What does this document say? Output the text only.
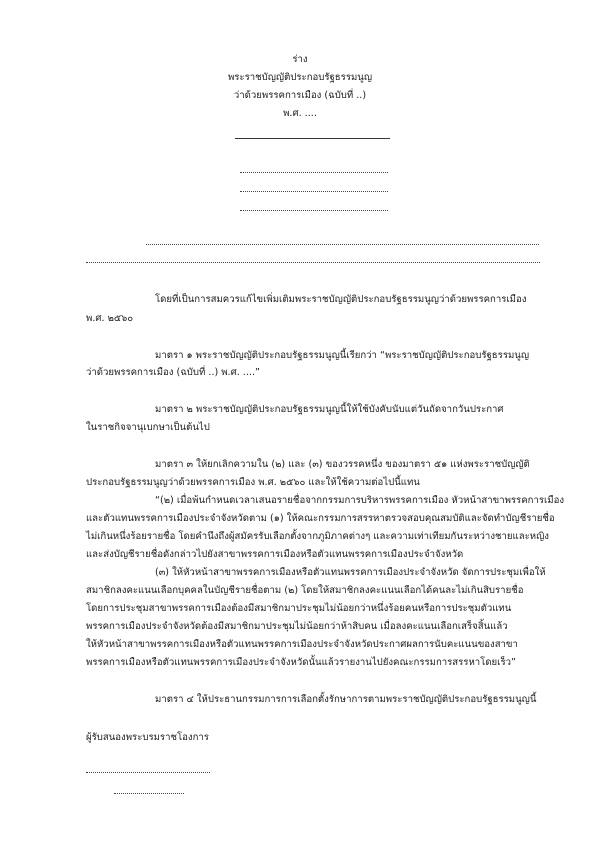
ร่าง
พระราชบัญญัติประกอบรัฐธรรมนูญ
ว่าด้วยพรรคการเมือง (ฉบับที่ ..)
พ.ศ. ....
โดยที่เป็นการสมควรแก้ไขเพิ่มเติมพระราชบัญญัติประกอบรัฐธรรมนูญว่าด้วยพรรคการเมือง
พ.ศ. ๒๕๖๐
มาตรา ๑ พระราชบัญญัติประกอบรัฐธรรมนูญนี้เรียกว่า “พระราชบัญญัติประกอบรัฐธรรมนูญ
ว่าด้วยพรรคการเมือง (ฉบับที่ ..) พ.ศ. ....”
มาตรา ๒ พระราชบัญญัติประกอบรัฐธรรมนูญนี้ให้ใช้บังคับนับแต่วันถัดจากวันประกาศ
ในราชกิจจานุเบกษาเป็นต้นไป
มาตรา ๓ ให้ยกเลิกความใน (๒) และ (๓) ของวรรคหนึ่ง ของมาตรา ๕๑ แห่งพระราชบัญญัติ
ประกอบรัฐธรรมนูญว่าด้วยพรรคการเมือง พ.ศ. ๒๕๖๐ และให้ใช้ความต่อไปนี้แทน
“(๒) เมื่อพ้นกำหนดเวลาเสนอรายชื่อจากกรรมการบริหารพรรคการเมือง หัวหน้าสาขาพรรคการเมือง
และตัวแทนพรรคการเมืองประจำจังหวัดตาม (๑) ให้คณะกรรมการสรรหาตรวจสอบคุณสมบัติและจัดทำบัญชีรายชื่อ
ไม่เกินหนึ่งร้อยรายชื่อ โดยคำนึงถึงผู้สมัครรับเลือกตั้งจากภูมิภาคต่างๆ และความเท่าเทียมกันระหว่างชายและหญิง
และส่งบัญชีรายชื่อดังกล่าวไปยังสาขาพรรคการเมืองหรือตัวแทนพรรคการเมืองประจำจังหวัด
(๓) ให้หัวหน้าสาขาพรรคการเมืองหรือตัวแทนพรรคการเมืองประจำจังหวัด จัดการประชุมเพื่อให้
สมาชิกลงคะแนนเลือกบุคคลในบัญชีรายชื่อตาม (๒) โดยให้สมาชิกลงคะแนนเลือกได้คนละไม่เกินสิบรายชื่อ
โดยการประชุมสาขาพรรคการเมืองต้องมีสมาชิกมาประชุมไม่น้อยกว่าหนึ่งร้อยคนหรือการประชุมตัวแทน
พรรคการเมืองประจำจังหวัดต้องมีสมาชิกมาประชุมไม่น้อยกว่าห้าสิบคน เมื่อลงคะแนนเลือกเสร็จสิ้นแล้ว
ให้หัวหน้าสาขาพรรคการเมืองหรือตัวแทนพรรคการเมืองประจำจังหวัดประกาศผลการนับคะแนนของสาขา
พรรคการเมืองหรือตัวแทนพรรคการเมืองประจำจังหวัดนั้นแล้วรายงานไปยังคณะกรรมการสรรหาโดยเร็ว”
มาตรา ๔ ให้ประธานกรรมการการเลือกตั้งรักษาการตามพระราชบัญญัติประกอบรัฐธรรมนูญนี้
ผู้รับสนองพระบรมราชโองการ
